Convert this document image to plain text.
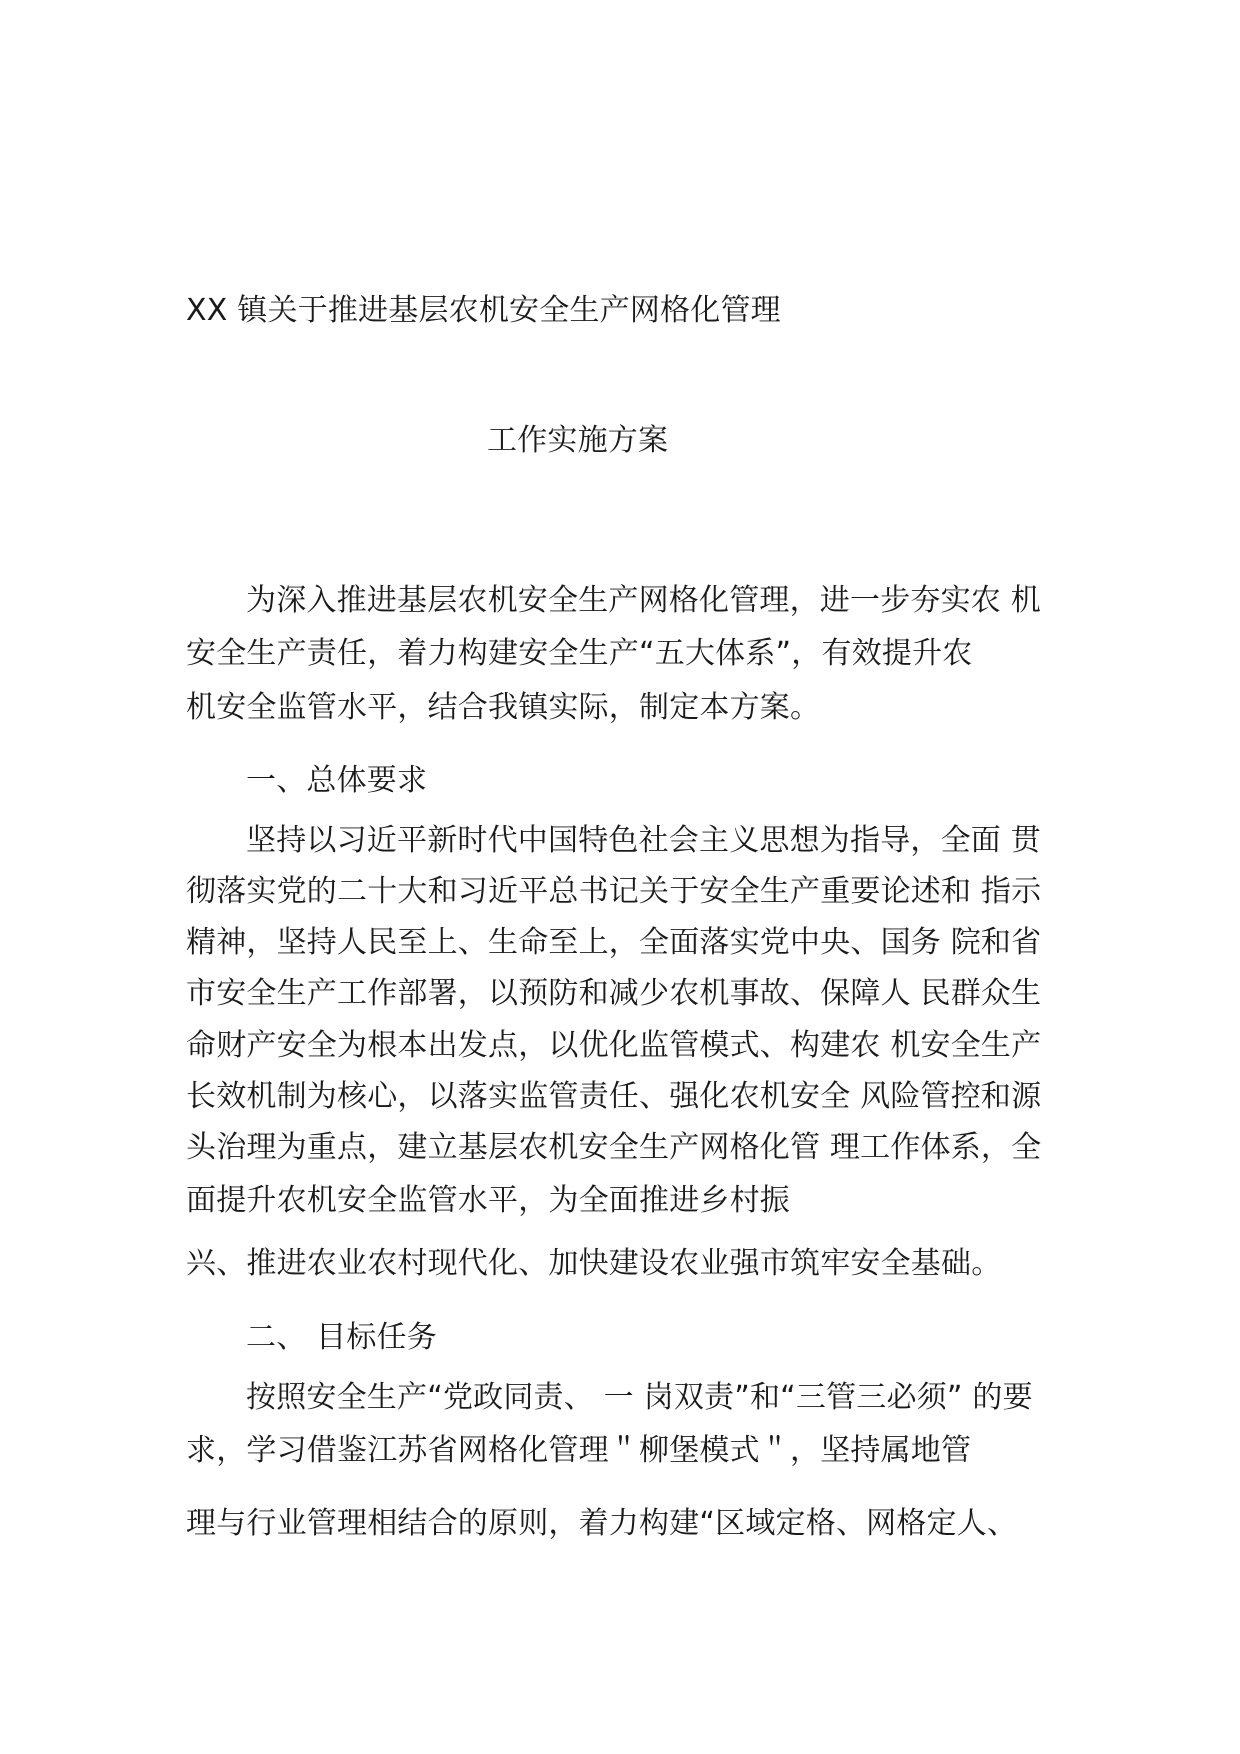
XX 镇关于推进基层农机安全生产网格化管理
工作实施方案
为深入推进基层农机安全生产网格化管理，进一步夯实农 机
安全生产责任，着力构建安全生产“五大体系”，有效提升农
机安全监管水平，结合我镇实际，制定本方案。
一、总体要求
坚持以习近平新时代中国特色社会主义思想为指导，全面 贯
彻落实党的二十大和习近平总书记关于安全生产重要论述和 指示
精神，坚持人民至上、生命至上，全面落实党中央、国务 院和省
市安全生产工作部署，以预防和减少农机事故、保障人 民群众生
命财产安全为根本出发点，以优化监管模式、构建农 机安全生产
长效机制为核心，以落实监管责任、强化农机安全 风险管控和源
头治理为重点，建立基层农机安全生产网格化管 理工作体系，全
面提升农机安全监管水平，为全面推进乡村振
兴、推进农业农村现代化、加快建设农业强市筑牢安全基础。
二、 目标任务
按照安全生产“党政同责、 一 岗双责”和“三管三必须” 的要
求，学习借鉴江苏省网格化管理＂柳堡模式＂，坚持属地管
理与行业管理相结合的原则，着力构建“区域定格、网格定人、
